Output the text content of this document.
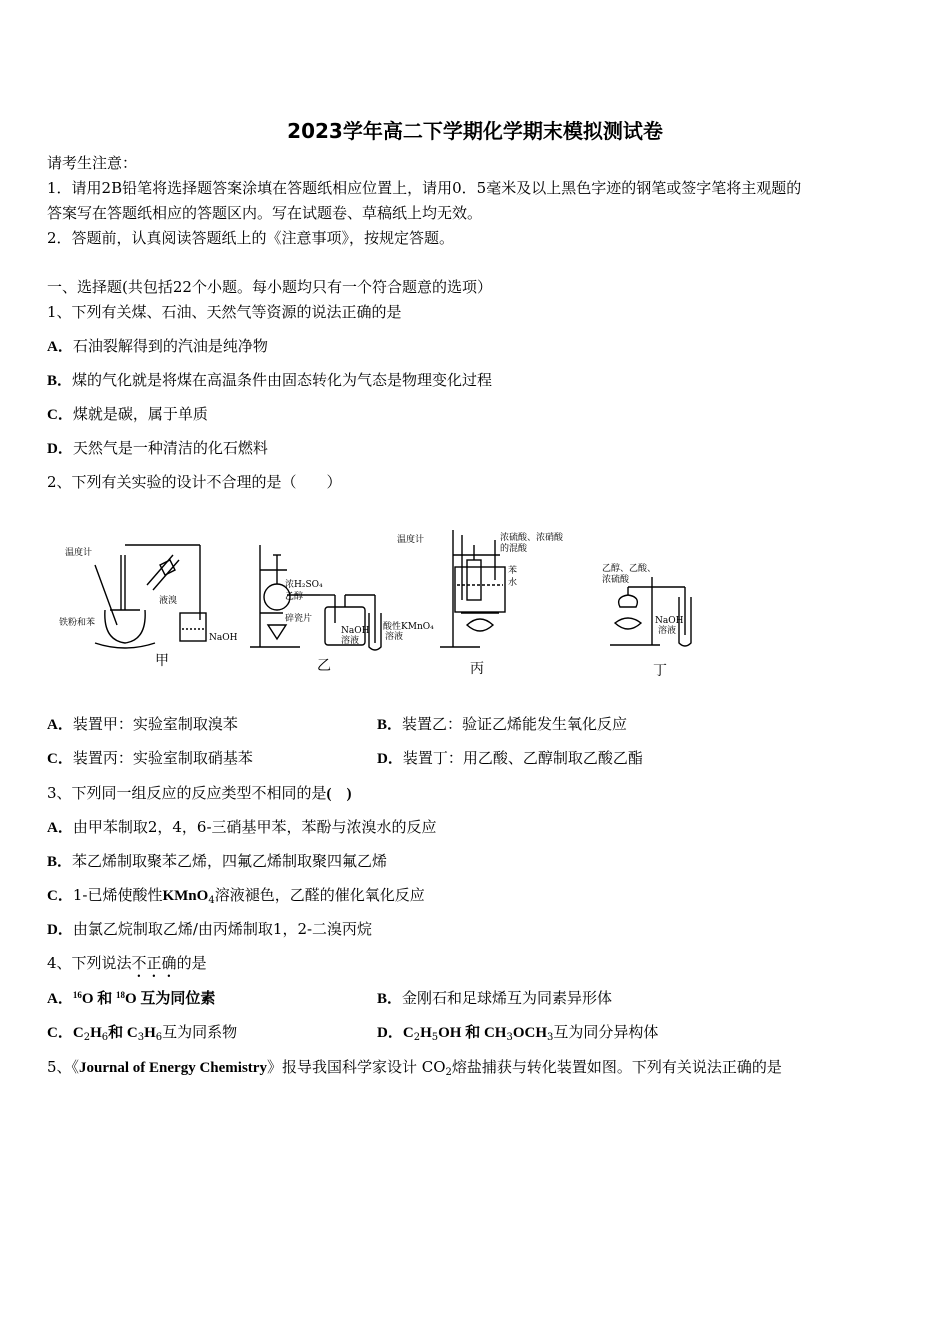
2023学年高二下学期化学期末模拟测试卷
请考生注意：
1．请用2B铅笔将选择题答案涂填在答题纸相应位置上，请用0．5毫米及以上黑色字迹的钢笔或签字笔将主观题的
答案写在答题纸相应的答题区内。写在试题卷、草稿纸上均无效。
2．答题前，认真阅读答题纸上的《注意事项》，按规定答题。
一、选择题(共包括22个小题。每小题均只有一个符合题意的选项）
1、下列有关煤、石油、天然气等资源的说法正确的是
A．石油裂解得到的汽油是纯净物
B．煤的气化就是将煤在高温条件由固态转化为气态是物理变化过程
C．煤就是碳，属于单质
D．天然气是一种清洁的化石燃料
2、下列有关实验的设计不合理的是（　　）
温度计
液溴
铁粉和苯
NaOH
浓H₂SO₄
乙醇
碎瓷片
NaOH
溶液
酸性KMnO₄
溶液
温度计	浓硫酸、浓硝酸
的混酸
苯
水
乙醇、乙酸、
浓硫酸
NaOH
溶液
甲	乙	丙	丁
A．装置甲：实验室制取溴苯	B．装置乙：验证乙烯能发生氧化反应
C．装置丙：实验室制取硝基苯	D．装置丁：用乙酸、乙醇制取乙酸乙酯
3、下列同一组反应的反应类型不相同的是(　)
A．由甲苯制取2，4，6-三硝基甲苯，苯酚与浓溴水的反应
B．苯乙烯制取聚苯乙烯，四氟乙烯制取聚四氟乙烯
C．1-已烯使酸性KMnO$_4$溶液褪色，乙醛的催化氧化反应
D．由氯乙烷制取乙烯/由丙烯制取1，2-二溴丙烷
4、下列说法不正确的是
A．$^{16}$O 和 $^{18}$O 互为同位素	B．金刚石和足球烯互为同素异形体
C．$C_2H_6$和 $C_3H_6$互为同系物	D．$C_2H_5OH$ 和 $CH_3OCH_3$互为同分异构体
5、《Journal of Energy Chemistry》报导我国科学家设计 $CO_2$熔盐捕获与转化装置如图。下列有关说法正确的是
